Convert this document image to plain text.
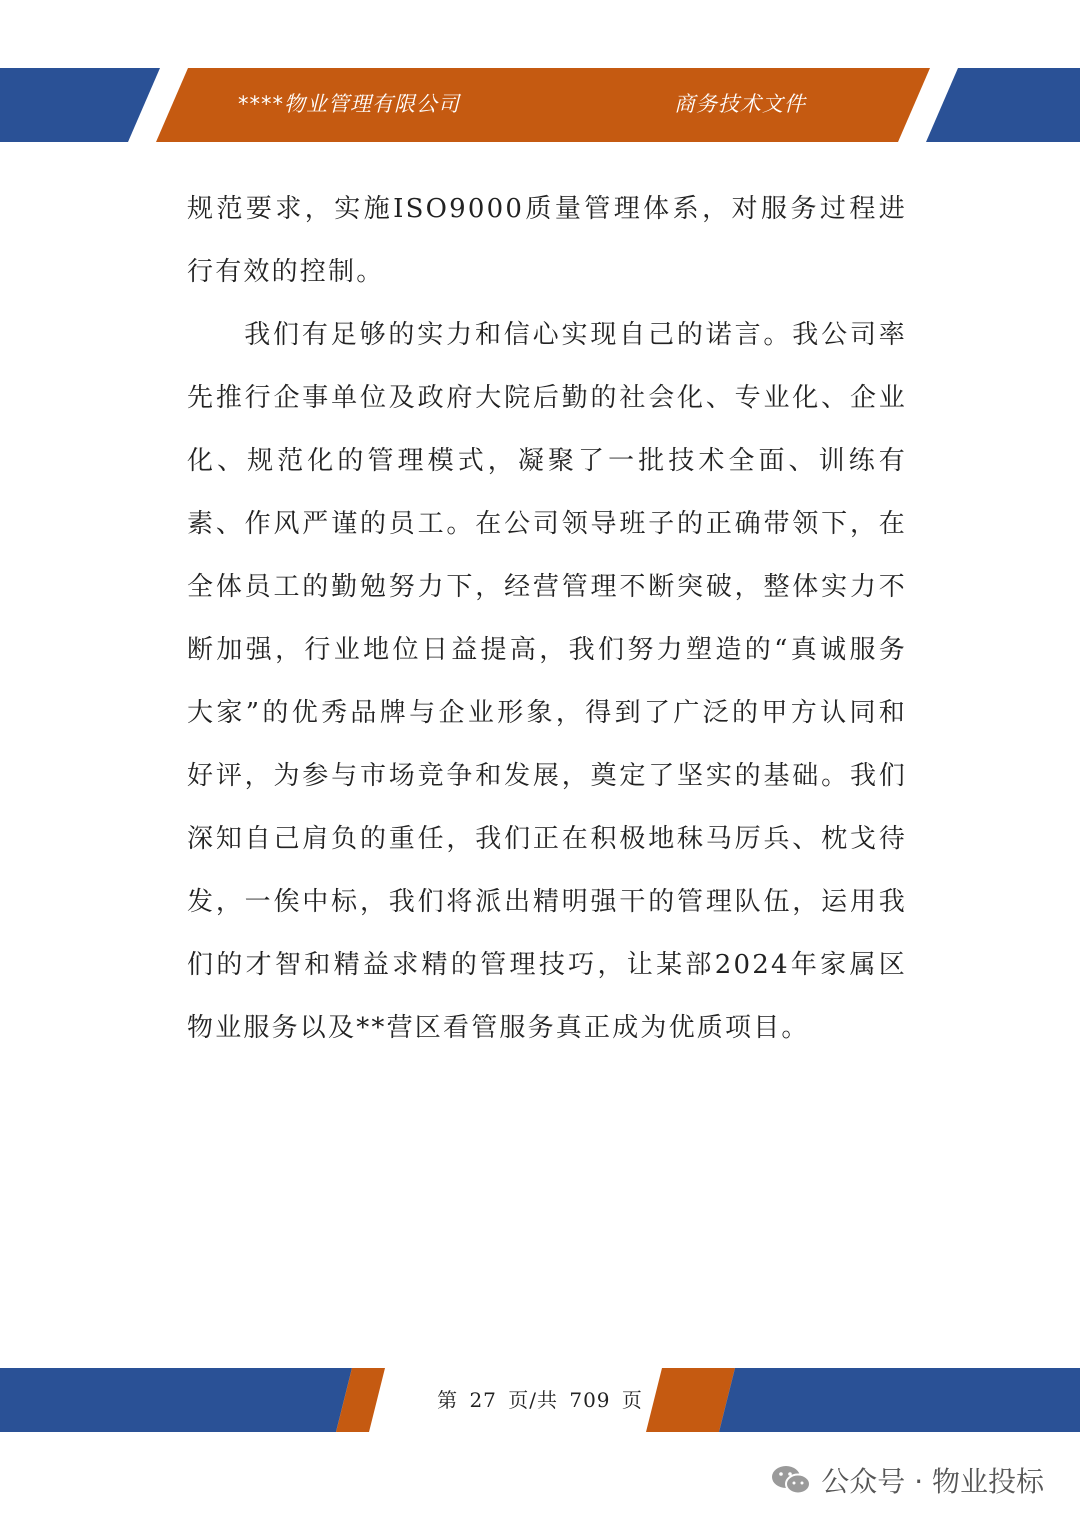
****物业管理有限公司	商务技术文件

规范要求，实施ISO9000质量管理体系，对服务过程进行有效的控制。

我们有足够的实力和信心实现自己的诺言。我公司率先推行企事单位及政府大院后勤的社会化、专业化、企业化、规范化的管理模式，凝聚了一批技术全面、训练有素、作风严谨的员工。在公司领导班子的正确带领下，在全体员工的勤勉努力下，经营管理不断突破，整体实力不断加强，行业地位日益提高，我们努力塑造的“真诚服务大家”的优秀品牌与企业形象，得到了广泛的甲方认同和好评，为参与市场竞争和发展，奠定了坚实的基础。我们深知自己肩负的重任，我们正在积极地秣马厉兵、枕戈待发，一俟中标，我们将派出精明强干的管理队伍，运用我们的才智和精益求精的管理技巧，让某部2024年家属区物业服务以及**营区看管服务真正成为优质项目。

第 27 页/共 709 页
公众号 · 物业投标
